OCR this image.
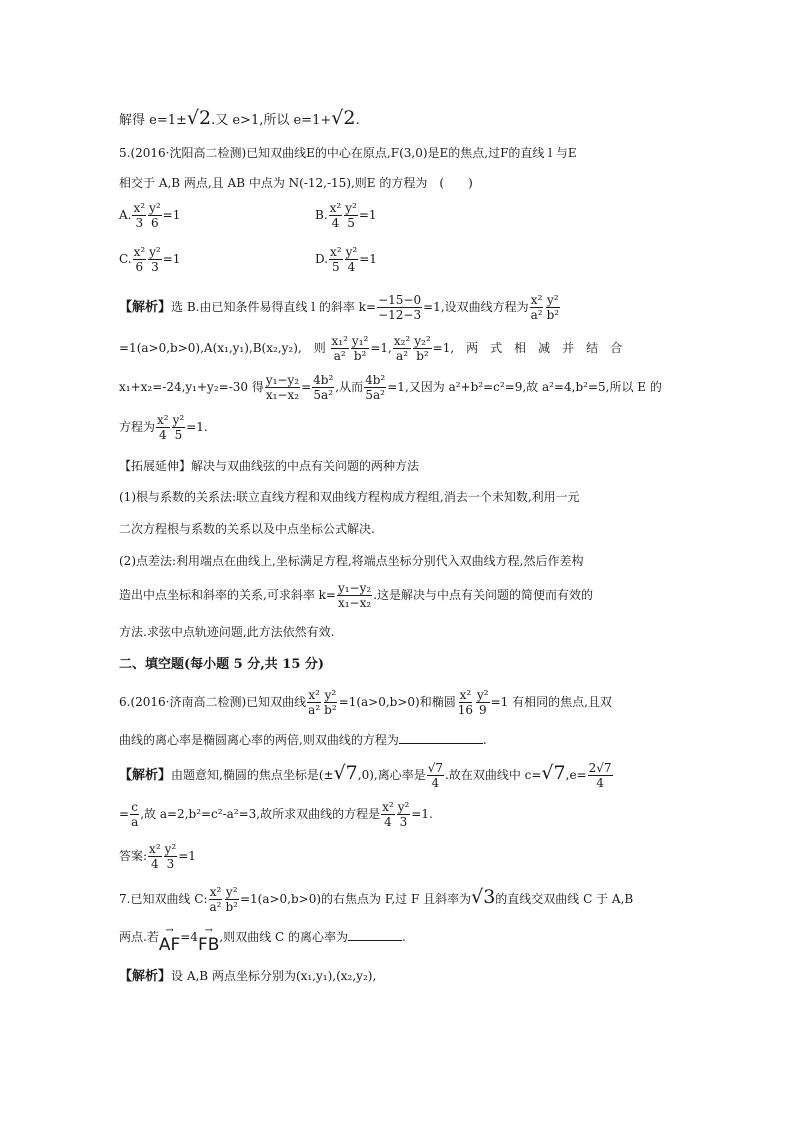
解得 e=1±√2.又 e>1,所以 e=1+√2.
5.(2016·沈阳高二检测)已知双曲线E的中心在原点,F(3,0)是E的焦点,过F的直线 l 与E
相交于 A,B 两点,且 AB 中点为 N(-12,-15),则E 的方程为　(　　)
A. $\frac{\text{x²}}{3} \frac{\text{y²}}{6} =1$	B. $\frac{\text{x²}}{4} \frac{\text{y²}}{5} =1$
C. $\frac{\text{x²}}{6} \frac{\text{y²}}{3} =1$	D. $\frac{\text{x²}}{5} \frac{\text{y²}}{4} =1$
【解析】选 B.由已知条件易得直线 l 的斜率 $k= \frac{-15-0}{-12-3} =1$,设双曲线方程为 $\frac{\text{x²}}{\text{a²}} \frac{\text{y²}}{\text{b²}}$
=1(a>0,b>0),A(x₁,y₁),B(x₂,y₂),　则 $\frac{\text{x₁²}}{\text{a²}} \frac{\text{y₁²}}{\text{b²}} =1$, $\frac{\text{x₂²}}{\text{a²}} \frac{\text{y₂²}}{\text{b²}} =1$,　两　式　相　减　并　结　合
x₁+x₂=-24,y₁+y₂=-30 得 $\frac{\text{y₁−y₂}}{\text{x₁−x₂}} = \frac{\text{4b²}}{\text{5a²}}$ ,从而 $\frac{\text{4b²}}{\text{5a²}} =1$,又因为 a²+b²=c²=9,故 a²=4,b²=5,所以 E 的
方程为 $\frac{\text{x²}}{4} \frac{\text{y²}}{5} =1$.
【拓展延伸】解决与双曲线弦的中点有关问题的两种方法
(1)根与系数的关系法:联立直线方程和双曲线方程构成方程组,消去一个未知数,利用一元
二次方程根与系数的关系以及中点坐标公式解决.
(2)点差法:利用端点在曲线上,坐标满足方程,将端点坐标分别代入双曲线方程,然后作差构
造出中点坐标和斜率的关系,可求斜率 $k= \frac{\text{y₁−y₂}}{\text{x₁−x₂}}$ .这是解决与中点有关问题的简便而有效的
方法.求弦中点轨迹问题,此方法依然有效.
二、填空题(每小题 5 分,共 15 分)
6.(2016·济南高二检测)已知双曲线 $\frac{\text{x²}}{\text{a²}} \frac{\text{y²}}{\text{b²}} =1(a>0,b>0)$和椭圆 $\frac{\text{x²}}{16} \frac{\text{y²}}{9} =1$ 有相同的焦点,且双
曲线的离心率是椭圆离心率的两倍,则双曲线的方程为	.
【解析】由题意知,椭圆的焦点坐标是(±√7,0),离心率是 $\frac{√7}{4}$ .故在双曲线中 $c=√7,e= \frac{2√7}{4}$
= $\frac{c}{a}$ ,故 a=2,b²=c²-a²=3,故所求双曲线的方程是 $\frac{\text{x²}}{4} \frac{\text{y²}}{3} =1$.
答案: $\frac{\text{x²}}{4} \frac{\text{y²}}{3} =1$
7.已知双曲线 C: $\frac{\text{x²}}{\text{a²}} \frac{\text{y²}}{\text{b²}} =1(a>0,b>0)$的右焦点为 F,过 F 且斜率为√3的直线交双曲线 C 于 A,B
两点.若 →
AF =4 →
FB ,则双曲线 C 的离心率为	.
【解析】设 A,B 两点坐标分别为(x₁,y₁),(x₂,y₂),
